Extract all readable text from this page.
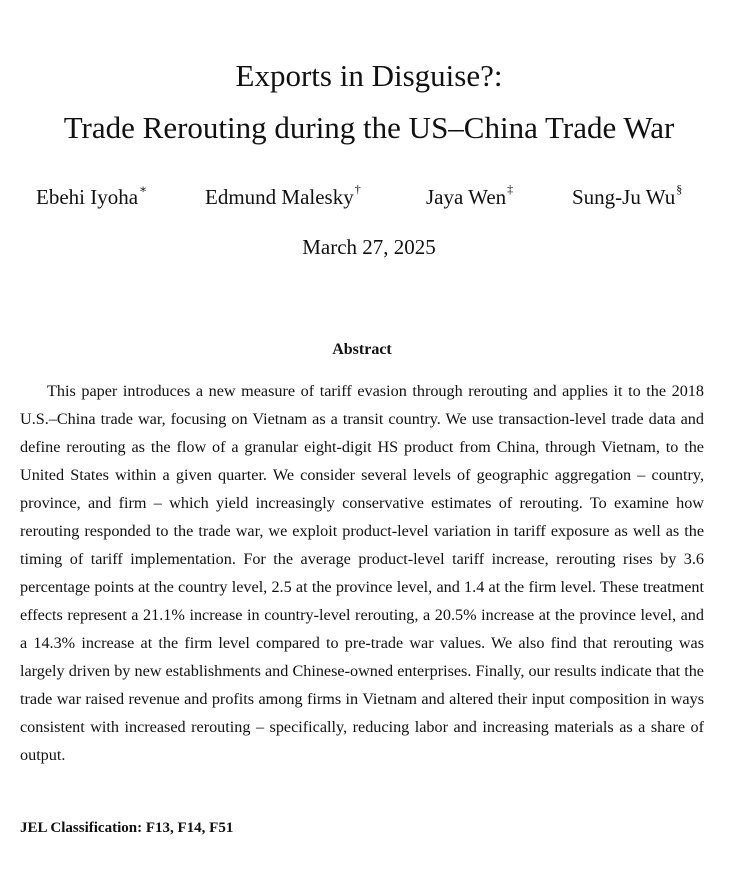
Exports in Disguise?:
Trade Rerouting during the US–China Trade War
Ebehi Iyoha∗	Edmund Malesky†	Jaya Wen‡	Sung-Ju Wu§
March 27, 2025
Abstract

This paper introduces a new measure of tariff evasion through rerouting and applies it to the 2018 U.S.–China trade war, focusing on Vietnam as a transit country. We use transaction-level trade data and define rerouting as the flow of a granular eight-digit HS product from China, through Vietnam, to the United States within a given quarter. We consider several levels of geographic aggregation – country, province, and firm – which yield increasingly conservative estimates of rerouting. To examine how rerouting responded to the trade war, we exploit product-level variation in tariff exposure as well as the timing of tariff implementation. For the average product-level tariff increase, rerouting rises by 3.6 percentage points at the country level, 2.5 at the province level, and 1.4 at the firm level. These treatment effects represent a 21.1% increase in country-level rerouting, a 20.5% increase at the province level, and a 14.3% increase at the firm level compared to pre-trade war values. We also find that rerouting was largely driven by new establishments and Chinese-owned enterprises. Finally, our results indicate that the trade war raised revenue and profits among firms in Vietnam and altered their input composition in ways consistent with increased rerouting – specifically, reducing labor and increasing materials as a share of output.

JEL Classification: F13, F14, F51
